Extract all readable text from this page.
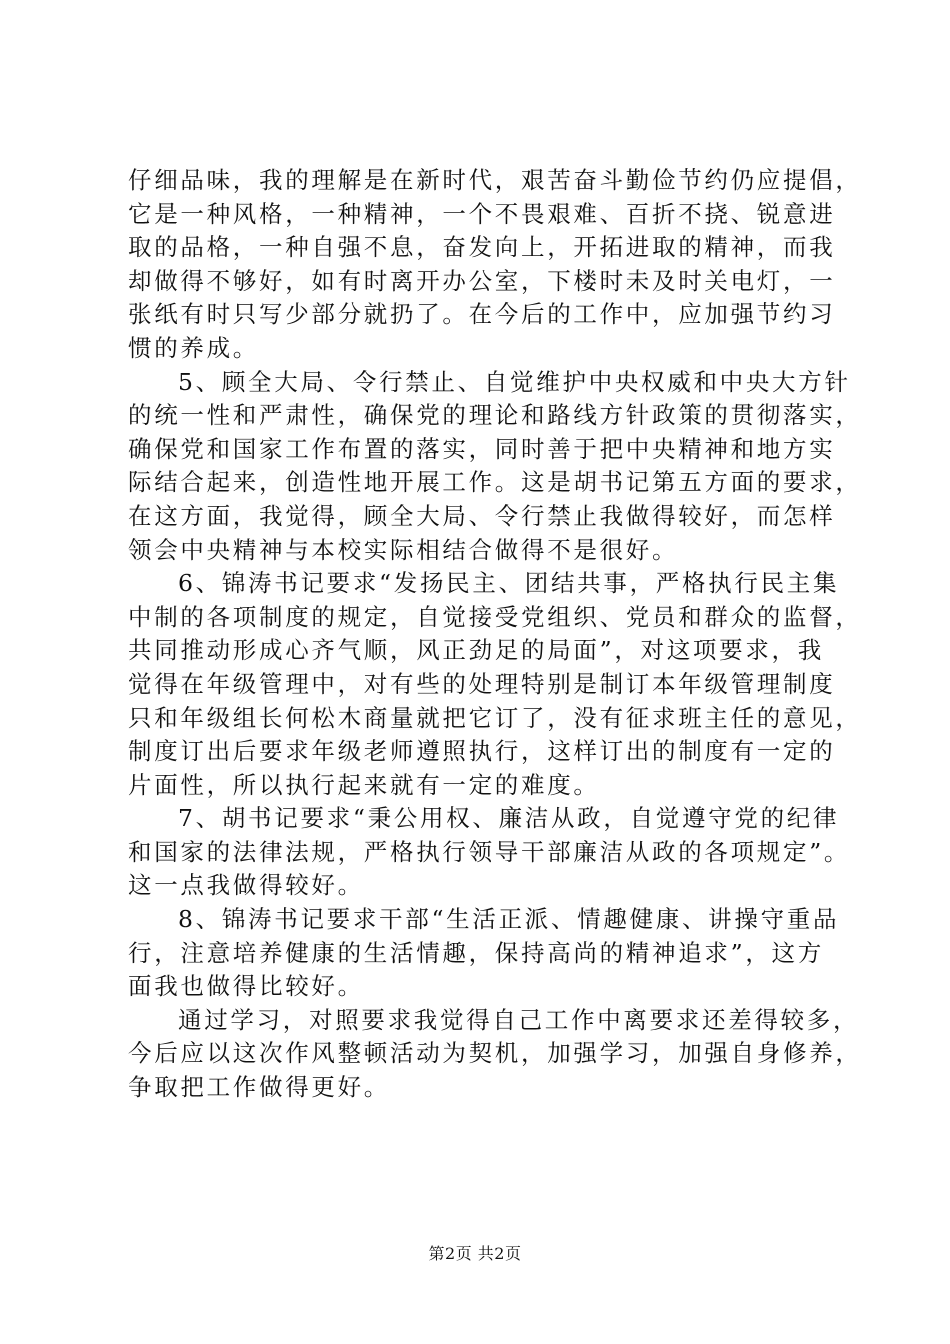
仔细品味，我的理解是在新时代，艰苦奋斗勤俭节约仍应提倡，
它是一种风格，一种精神，一个不畏艰难、百折不挠、锐意进
取的品格，一种自强不息，奋发向上，开拓进取的精神，而我
却做得不够好，如有时离开办公室，下楼时未及时关电灯，一
张纸有时只写少部分就扔了。在今后的工作中，应加强节约习
惯的养成。
5、顾全大局、令行禁止、自觉维护中央权威和中央大方针
的统一性和严肃性，确保党的理论和路线方针政策的贯彻落实，
确保党和国家工作布置的落实，同时善于把中央精神和地方实
际结合起来，创造性地开展工作。这是胡书记第五方面的要求，
在这方面，我觉得，顾全大局、令行禁止我做得较好，而怎样
领会中央精神与本校实际相结合做得不是很好。
6、锦涛书记要求“发扬民主、团结共事，严格执行民主集
中制的各项制度的规定，自觉接受党组织、党员和群众的监督，
共同推动形成心齐气顺，风正劲足的局面”，对这项要求，我
觉得在年级管理中，对有些的处理特别是制订本年级管理制度
只和年级组长何松木商量就把它订了，没有征求班主任的意见，
制度订出后要求年级老师遵照执行，这样订出的制度有一定的
片面性，所以执行起来就有一定的难度。
7、胡书记要求“秉公用权、廉洁从政，自觉遵守党的纪律
和国家的法律法规，严格执行领导干部廉洁从政的各项规定”。
这一点我做得较好。
8、锦涛书记要求干部“生活正派、情趣健康、讲操守重品
行，注意培养健康的生活情趣，保持高尚的精神追求”，这方
面我也做得比较好。
通过学习，对照要求我觉得自己工作中离要求还差得较多，
今后应以这次作风整顿活动为契机，加强学习，加强自身修养，
争取把工作做得更好。
第2页 共2页
